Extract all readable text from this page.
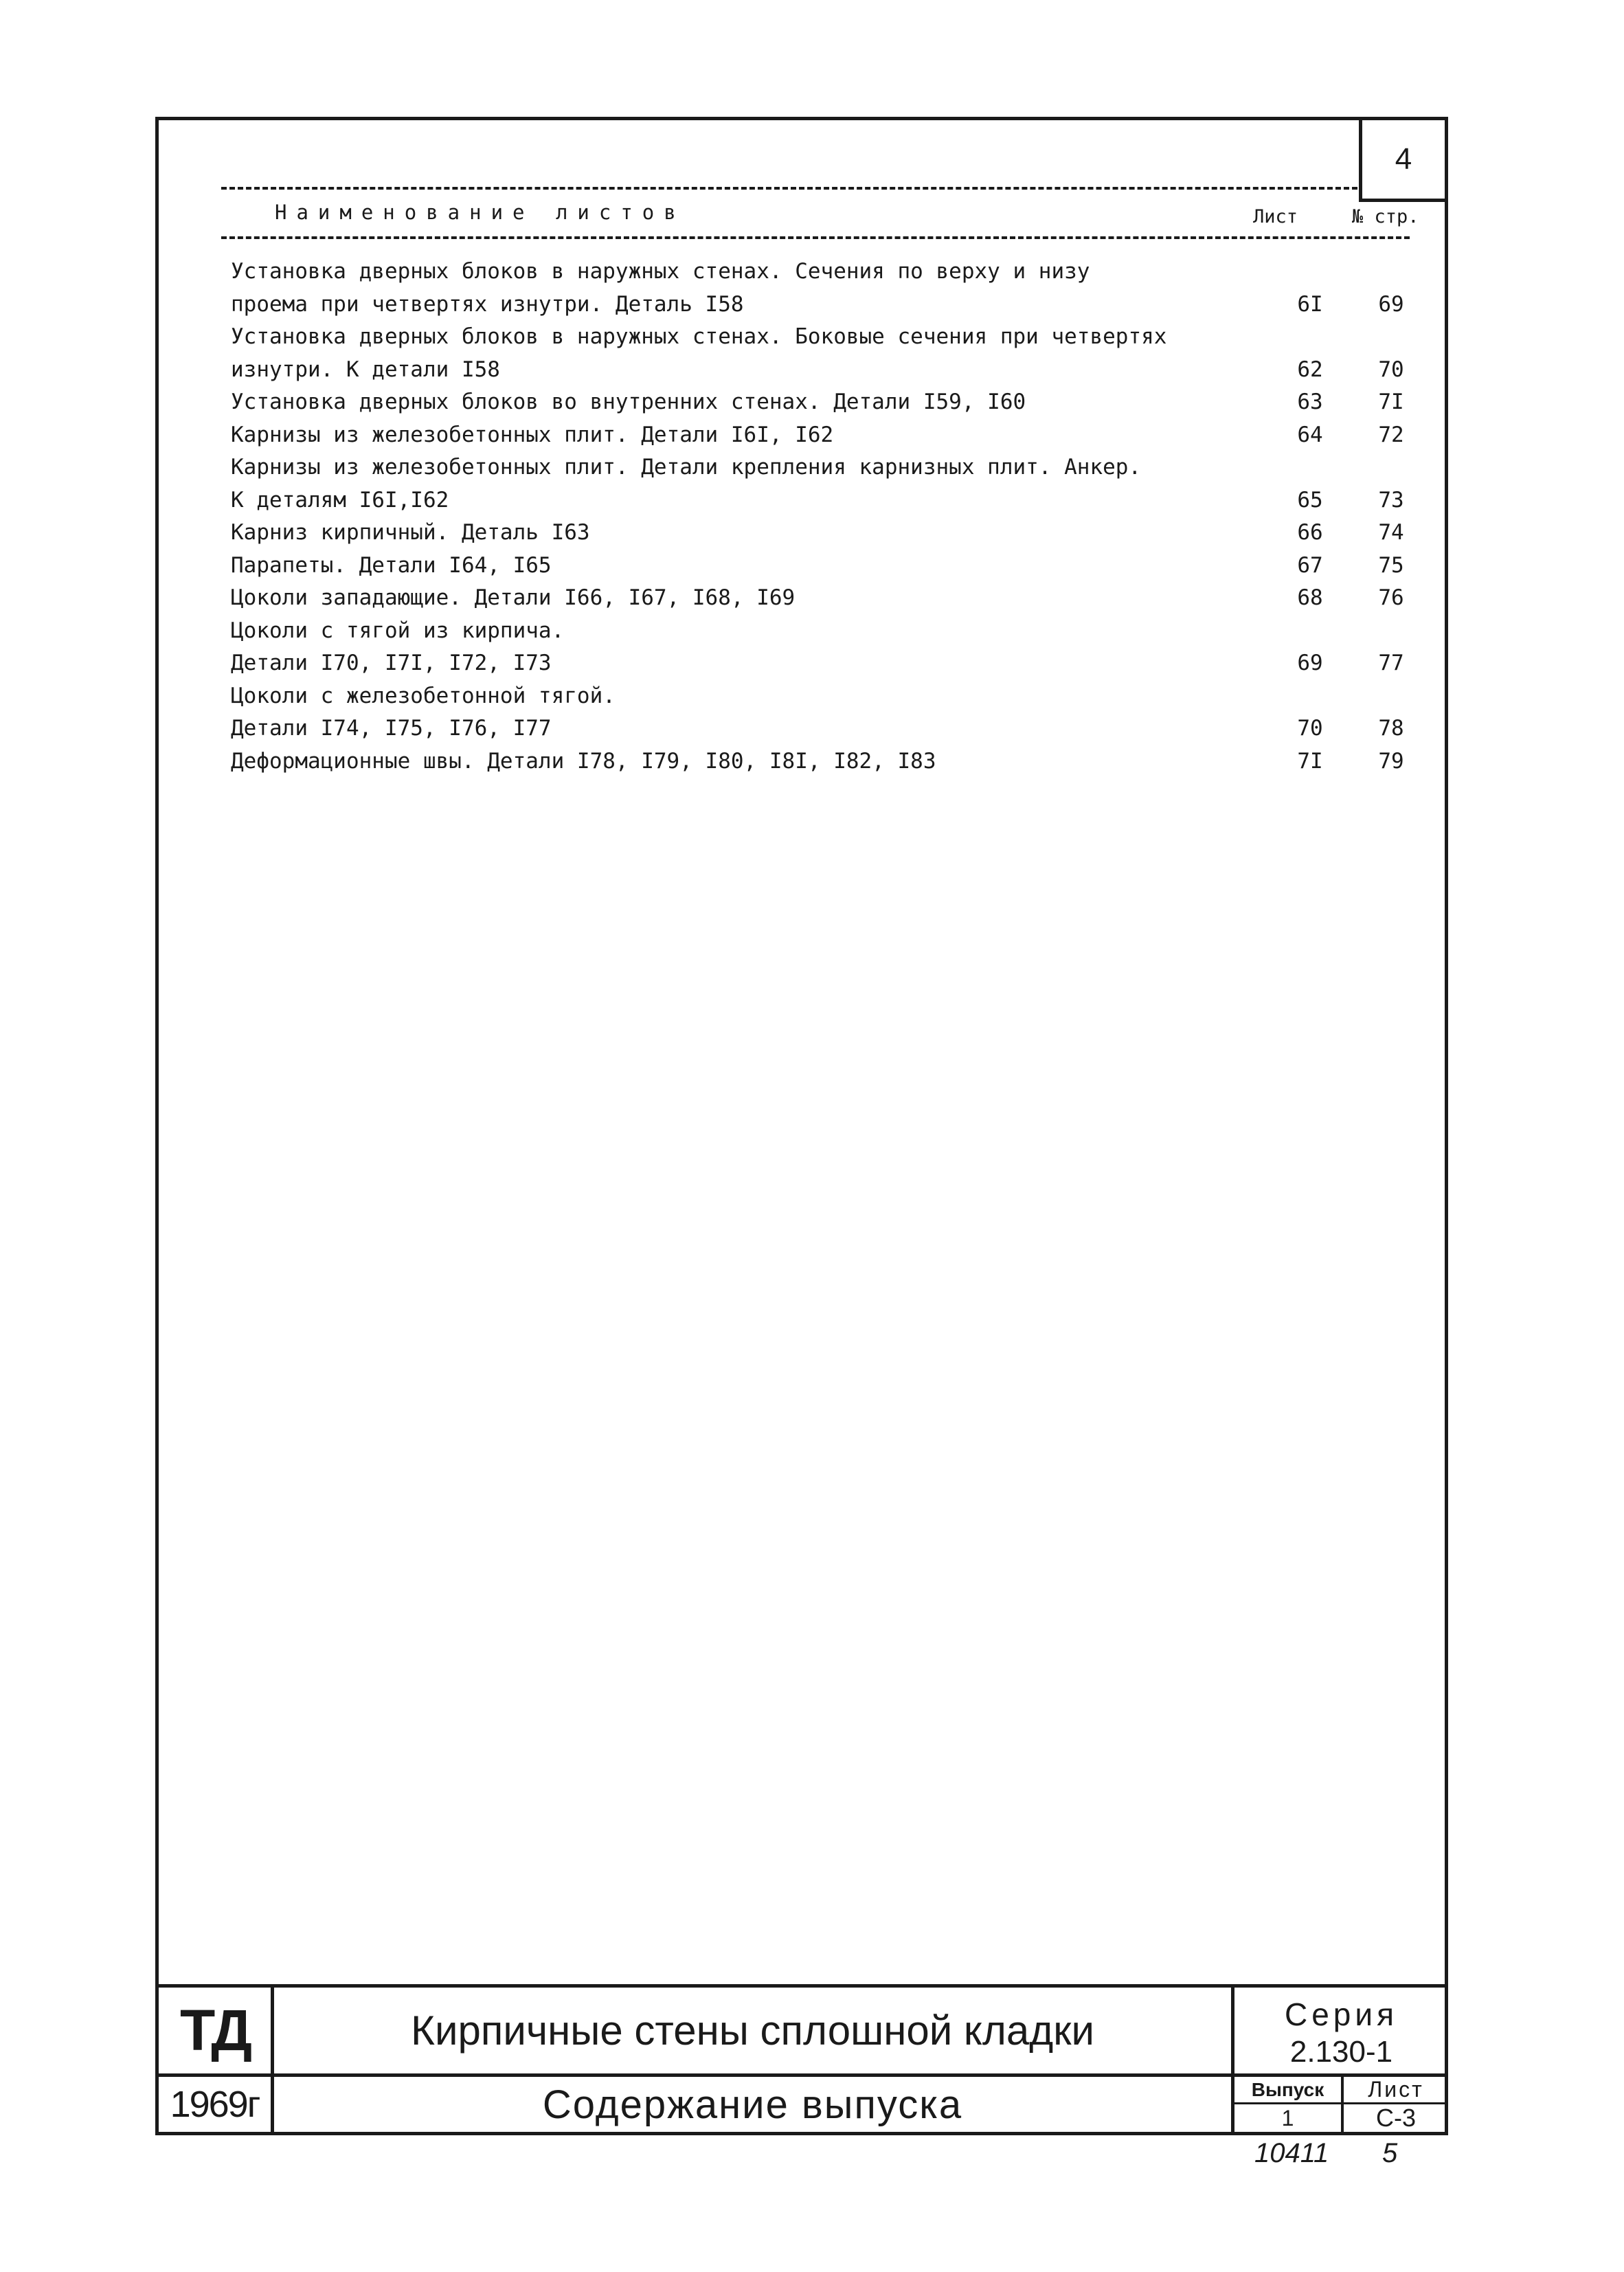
4
Наименование листов	Лист	№ стр.
Установка дверных блоков в наружных стенах. Сечения по верху и низу
проема при четвертях изнутри. Деталь I58	6I	69
Установка дверных блоков в наружных стенах. Боковые сечения при четвертях
изнутри. К детали I58	62	70
Установка дверных блоков во внутренних стенах. Детали I59, I60	63	7I
Карнизы из железобетонных плит. Детали I6I, I62	64	72
Карнизы из железобетонных плит. Детали крепления карнизных плит. Анкер.
К деталям I6I,I62	65	73
Карниз кирпичный. Деталь I63	66	74
Парапеты. Детали I64, I65	67	75
Цоколи западающие. Детали I66, I67, I68, I69	68	76
Цоколи с тягой из кирпича.
Детали I70, I7I, I72, I73	69	77
Цоколи с железобетонной тягой.
Детали I74, I75, I76, I77	70	78
Деформационные швы. Детали I78, I79, I80, I8I, I82, I83	7I	79
ТД
1969г
Кирпичные стены сплошной кладки
Содержание выпуска
Серия
2.130-1
Выпуск
1
Лист
С-3
10411 5
